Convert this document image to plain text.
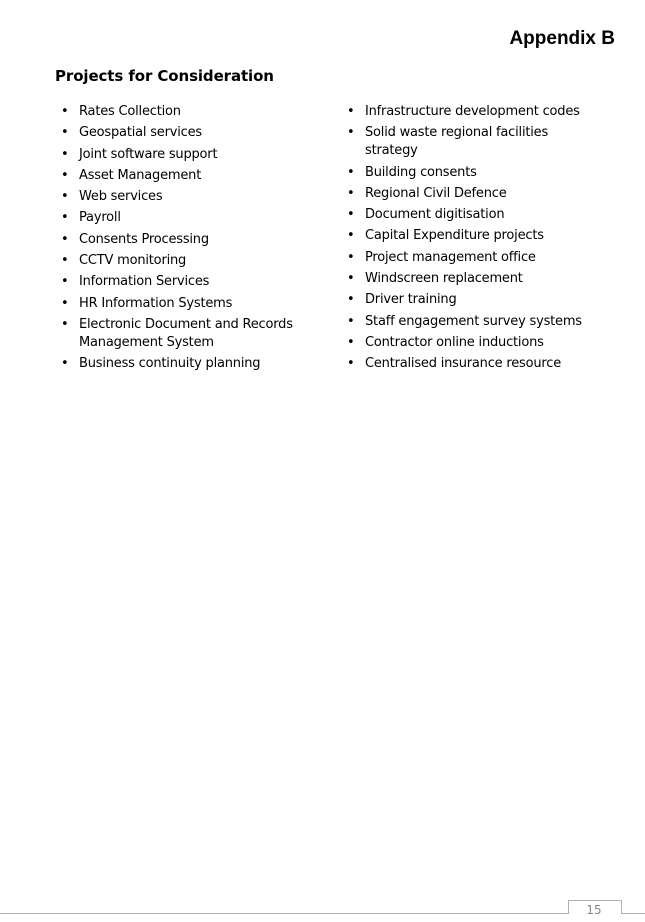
Appendix B
Projects for Consideration
• Rates Collection
• Geospatial services
• Joint software support
• Asset Management
• Web services
• Payroll
• Consents Processing
• CCTV monitoring
• Information Services
• HR Information Systems
• Electronic Document and Records Management System
• Business continuity planning
• Infrastructure development codes
• Solid waste regional facilities strategy
• Building consents
• Regional Civil Defence
• Document digitisation
• Capital Expenditure projects
• Project management office
• Windscreen replacement
• Driver training
• Staff engagement survey systems
• Contractor online inductions
• Centralised insurance resource
15
